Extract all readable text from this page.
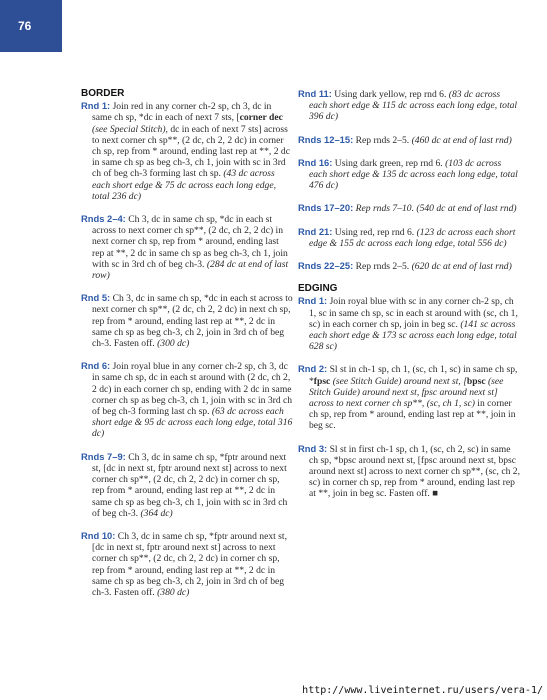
76
BORDER

Rnd 1: Join red in any corner ch-2 sp, ch 3, dc in same ch sp, *dc in each of next 7 sts, [corner dec (see Special Stitch), dc in each of next 7 sts] across to next corner ch sp**, (2 dc, ch 2, 2 dc) in corner ch sp, rep from * around, ending last rep at **, 2 dc in same ch sp as beg ch-3, ch 1, join with sc in 3rd ch of beg ch-3 forming last ch sp. (43 dc across each short edge & 75 dc across each long edge, total 236 dc)

Rnds 2–4: Ch 3, dc in same ch sp, *dc in each st across to next corner ch sp**, (2 dc, ch 2, 2 dc) in next corner ch sp, rep from * around, ending last rep at **, 2 dc in same ch sp as beg ch-3, ch 1, join with sc in 3rd ch of beg ch-3. (284 dc at end of last row)

Rnd 5: Ch 3, dc in same ch sp, *dc in each st across to next corner ch sp**, (2 dc, ch 2, 2 dc) in next ch sp, rep from * around, ending last rep at **, 2 dc in same ch sp as beg ch-3, ch 2, join in 3rd ch of beg ch-3. Fasten off. (300 dc)

Rnd 6: Join royal blue in any corner ch-2 sp, ch 3, dc in same ch sp, dc in each st around with (2 dc, ch 2, 2 dc) in each corner ch sp, ending with 2 dc in same corner ch sp as beg ch-3, ch 1, join with sc in 3rd ch of beg ch-3 forming last ch sp. (63 dc across each short edge & 95 dc across each long edge, total 316 dc)

Rnds 7–9: Ch 3, dc in same ch sp, *fptr around next st, [dc in next st, fptr around next st] across to next corner ch sp**, (2 dc, ch 2, 2 dc) in corner ch sp, rep from * around, ending last rep at **, 2 dc in same ch sp as beg ch-3, ch 1, join with sc in 3rd ch of beg ch-3. (364 dc)

Rnd 10: Ch 3, dc in same ch sp, *fptr around next st, [dc in next st, fptr around next st] across to next corner ch sp**, (2 dc, ch 2, 2 dc) in corner ch sp, rep from * around, ending last rep at **, 2 dc in same ch sp as beg ch-3, ch 2, join in 3rd ch of beg ch-3. Fasten off. (380 dc)

Rnd 11: Using dark yellow, rep rnd 6. (83 dc across each short edge & 115 dc across each long edge, total 396 dc)

Rnds 12–15: Rep rnds 2–5. (460 dc at end of last rnd)

Rnd 16: Using dark green, rep rnd 6. (103 dc across each short edge & 135 dc across each long edge, total 476 dc)

Rnds 17–20: Rep rnds 7–10. (540 dc at end of last rnd)

Rnd 21: Using red, rep rnd 6. (123 dc across each short edge & 155 dc across each long edge, total 556 dc)

Rnds 22–25: Rep rnds 2–5. (620 dc at end of last rnd)

EDGING

Rnd 1: Join royal blue with sc in any corner ch-2 sp, ch 1, sc in same ch sp, sc in each st around with (sc, ch 1, sc) in each corner ch sp, join in beg sc. (141 sc across each short edge & 173 sc across each long edge, total 628 sc)

Rnd 2: Sl st in ch-1 sp, ch 1, (sc, ch 1, sc) in same ch sp, *fpsc (see Stitch Guide) around next st, [bpsc (see Stitch Guide) around next st, fpsc around next st] across to next corner ch sp**, (sc, ch 1, sc) in corner ch sp, rep from * around, ending last rep at **, join in beg sc.

Rnd 3: Sl st in first ch-1 sp, ch 1, (sc, ch 2, sc) in same ch sp, *bpsc around next st, [fpsc around next st, bpsc around next st] across to next corner ch sp**, (sc, ch 2, sc) in corner ch sp, rep from * around, ending last rep at **, join in beg sc. Fasten off. ■

http://www.liveinternet.ru/users/vera-1/
